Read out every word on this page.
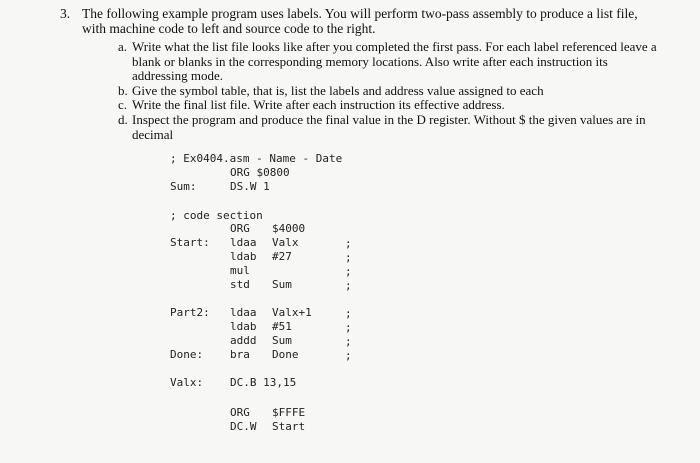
3. The following example program uses labels. You will perform two-pass assembly to produce a list file, with machine code to left and source code to the right.
a. Write what the list file looks like after you completed the first pass. For each label referenced leave a blank or blanks in the corresponding memory locations. Also write after each instruction its addressing mode.
b. Give the symbol table, that is, list the labels and address value assigned to each
c. Write the final list file. Write after each instruction its effective address.
d. Inspect the program and produce the final value in the D register. Without $ the given values are in decimal
; Ex0404.asm - Name - Date
ORG $0800
Sum:	DS.W 1
; code section
ORG $4000
Start: ldaa Valx	;
ldab #27	;
mul	;
std Sum	;
Part2: ldaa Valx+1	;
ldab #51	;
addd Sum	;
Done: bra Done	;
Valx: DC.B 13,15
ORG $FFFE
DC.W Start
